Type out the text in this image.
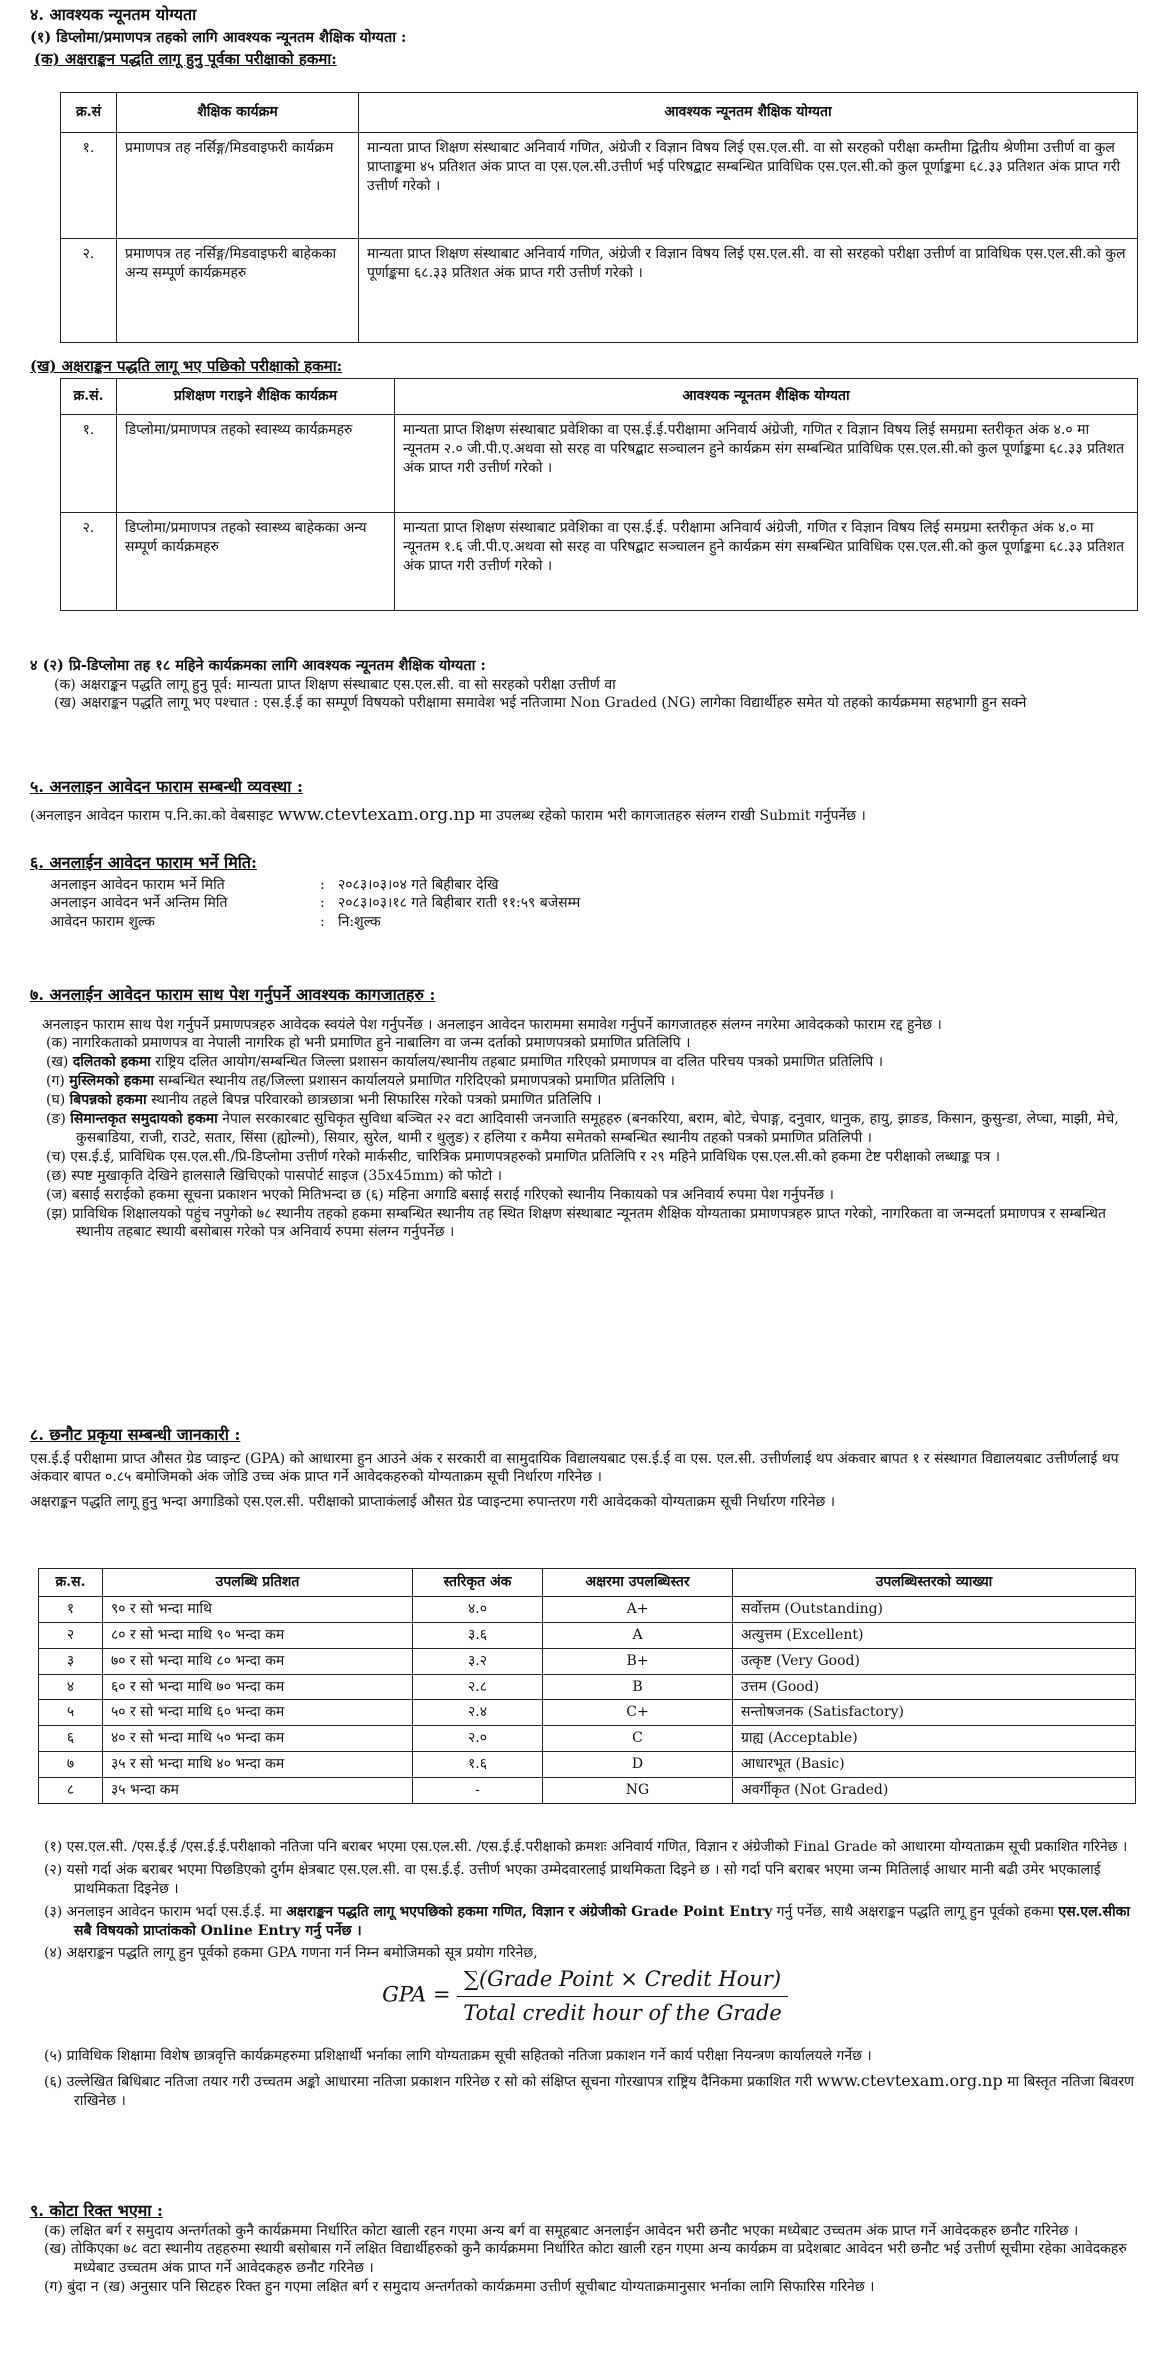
४. आवश्यक न्यूनतम योग्यता

(१) डिप्लोमा/प्रमाणपत्र तहको लागि आवश्यक न्यूनतम शैक्षिक योग्यता :

(क) अक्षराङ्कन पद्धति लागू हुनु पूर्वका परीक्षाको हकमा:

क्र.सं	शैक्षिक कार्यक्रम	आवश्यक न्यूनतम शैक्षिक योग्यता
१.	प्रमाणपत्र तह नर्सिङ्ग/मिडवाइफरी कार्यक्रम	मान्यता प्राप्त शिक्षण संस्थाबाट अनिवार्य गणित, अंग्रेजी र विज्ञान विषय लिई एस.एल.सी. वा सो सरहको परीक्षा कम्तीमा द्वितीय श्रेणीमा उत्तीर्ण वा कुल प्राप्ताङ्कमा ४५ प्रतिशत अंक प्राप्त वा एस.एल.सी.उत्तीर्ण भई परिषद्बाट सम्बन्धित प्राविधिक एस.एल.सी.को कुल पूर्णाङ्कमा ६८.३३ प्रतिशत अंक प्राप्त गरी उत्तीर्ण गरेको ।
२.	प्रमाणपत्र तह नर्सिङ्ग/मिडवाइफरी बाहेकका अन्य सम्पूर्ण कार्यक्रमहरु	मान्यता प्राप्त शिक्षण संस्थाबाट अनिवार्य गणित, अंग्रेजी र विज्ञान विषय लिई एस.एल.सी. वा सो सरहको परीक्षा उत्तीर्ण वा प्राविधिक एस.एल.सी.को कुल पूर्णाङ्कमा ६८.३३ प्रतिशत अंक प्राप्त गरी उत्तीर्ण गरेको ।

(ख) अक्षराङ्कन पद्धति लागू भए पछिको परीक्षाको हकमा:

क्र.सं.	प्रशिक्षण गराइने शैक्षिक कार्यक्रम	आवश्यक न्यूनतम शैक्षिक योग्यता
१.	डिप्लोमा/प्रमाणपत्र तहको स्वास्थ्य कार्यक्रमहरु	मान्यता प्राप्त शिक्षण संस्थाबाट प्रवेशिका वा एस.ई.ई.परीक्षामा अनिवार्य अंग्रेजी, गणित र विज्ञान विषय लिई समग्रमा स्तरीकृत अंक ४.० मा न्यूनतम २.० जी.पी.ए.अथवा सो सरह वा परिषद्बाट सञ्चालन हुने कार्यक्रम संग सम्बन्धित प्राविधिक एस.एल.सी.को कुल पूर्णाङ्कमा ६८.३३ प्रतिशत अंक प्राप्त गरी उत्तीर्ण गरेको ।
२.	डिप्लोमा/प्रमाणपत्र तहको स्वास्थ्य बाहेकका अन्य सम्पूर्ण कार्यक्रमहरु	मान्यता प्राप्त शिक्षण संस्थाबाट प्रवेशिका वा एस.ई.ई. परीक्षामा अनिवार्य अंग्रेजी, गणित र विज्ञान विषय लिई समग्रमा स्तरीकृत अंक ४.० मा न्यूनतम १.६ जी.पी.ए.अथवा सो सरह वा परिषद्बाट सञ्चालन हुने कार्यक्रम संग सम्बन्धित प्राविधिक एस.एल.सी.को कुल पूर्णाङ्कमा ६८.३३ प्रतिशत अंक प्राप्त गरी उत्तीर्ण गरेको ।

४ (२) प्रि-डिप्लोमा तह १८ महिने कार्यक्रमका लागि आवश्यक न्यूनतम शैक्षिक योग्यता :

(क) अक्षराङ्कन पद्धति लागू हुनु पूर्व: मान्यता प्राप्त शिक्षण संस्थाबाट एस.एल.सी. वा सो सरहको परीक्षा उत्तीर्ण वा

(ख) अक्षराङ्कन पद्धति लागू भए पश्चात : एस.ई.ई का सम्पूर्ण विषयको परीक्षामा समावेश भई नतिजामा Non Graded (NG) लागेका विद्यार्थीहरु समेत यो तहको कार्यक्रममा सहभागी हुन सक्ने

५. अनलाइन आवेदन फाराम सम्बन्धी व्यवस्था :

(अनलाइन आवेदन फाराम प.नि.का.को वेबसाइट www.ctevtexam.org.np मा उपलब्ध रहेको फाराम भरी कागजातहरु संलग्न राखी Submit गर्नुपर्नेछ ।

६. अनलाईन आवेदन फाराम भर्ने मिति:

अनलाइन आवेदन फाराम भर्ने मिति	: २०८३।०३।०४ गते बिहीबार देखि
अनलाइन आवेदन भर्ने अन्तिम मिति	: २०८३।०३।१८ गते बिहीबार राती ११:५९ बजेसम्म
आवेदन फाराम शुल्क	: नि:शुल्क

७. अनलाईन आवेदन फाराम साथ पेश गर्नुपर्ने आवश्यक कागजातहरु :

अनलाइन फाराम साथ पेश गर्नुपर्ने प्रमाणपत्रहरु आवेदक स्वयंले पेश गर्नुपर्नेछ । अनलाइन आवेदन फाराममा समावेश गर्नुपर्ने कागजातहरु संलग्न नगरेमा आवेदकको फाराम रद्द हुनेछ ।

(क) नागरिकताको प्रमाणपत्र वा नेपाली नागरिक हो भनी प्रमाणित हुने नाबालिग वा जन्म दर्ताको प्रमाणपत्रको प्रमाणित प्रतिलिपि ।

(ख) दलितको हकमा राष्ट्रिय दलित आयोग/सम्बन्धित जिल्ला प्रशासन कार्यालय/स्थानीय तहबाट प्रमाणित गरिएको प्रमाणपत्र वा दलित परिचय पत्रको प्रमाणित प्रतिलिपि ।

(ग) मुस्लिमको हकमा सम्बन्धित स्थानीय तह/जिल्ला प्रशासन कार्यालयले प्रमाणित गरिदिएको प्रमाणपत्रको प्रमाणित प्रतिलिपि ।

(घ) बिपन्नको हकमा स्थानीय तहले बिपन्न परिवारको छात्रछात्रा भनी सिफारिस गरेको पत्रको प्रमाणित प्रतिलिपि ।

(ङ) सिमान्तकृत समुदायको हकमा नेपाल सरकारबाट सुचिकृत सुविधा बञ्चित २२ वटा आदिवासी जनजाति समूहहरु (बनकरिया, बराम, बोटे, चेपाङ्ग, दनुवार, धानुक, हायु, झाङड, किसान, कुसुन्डा, लेप्चा, माझी, मेचे, कुसबाडिया, राजी, राउटे, सतार, सिंसा (ह्योल्मो), सियार, सुरेल, थामी र थुलुङ) र हलिया र कमैया समेतको सम्बन्धित स्थानीय तहको पत्रको प्रमाणित प्रतिलिपी ।

(च) एस.ई.ई, प्राविधिक एस.एल.सी./प्रि-डिप्लोमा उत्तीर्ण गरेको मार्कसीट, चारित्रिक प्रमाणपत्रहरुको प्रमाणित प्रतिलिपि र २९ महिने प्राविधिक एस.एल.सी.को हकमा टेष्ट परीक्षाको लब्धाङ्क पत्र ।

(छ) स्पष्ट मुखाकृति देखिने हालसालै खिचिएको पासपोर्ट साइज (35x45mm) को फोटो ।

(ज) बसाई सराईको हकमा सूचना प्रकाशन भएको मितिभन्दा छ (६) महिना अगाडि बसाई सराई गरिएको स्थानीय निकायको पत्र अनिवार्य रुपमा पेश गर्नुपर्नेछ ।

(झ) प्राविधिक शिक्षालयको पहुंच नपुगेको ७८ स्थानीय तहको हकमा सम्बन्धित स्थानीय तह स्थित शिक्षण संस्थाबाट न्यूनतम शैक्षिक योग्यताका प्रमाणपत्रहरु प्राप्त गरेको, नागरिकता वा जन्मदर्ता प्रमाणपत्र र सम्बन्धित स्थानीय तहबाट स्थायी बसोबास गरेको पत्र अनिवार्य रुपमा संलग्न गर्नुपर्नेछ ।

८. छनौट प्रकृया सम्बन्धी जानकारी :

एस.ई.ई परीक्षामा प्राप्त औसत ग्रेड प्वाइन्ट (GPA) को आधारमा हुन आउने अंक र सरकारी वा सामुदायिक विद्यालयबाट एस.ई.ई वा एस. एल.सी. उत्तीर्णलाई थप अंकवार बापत १ र संस्थागत विद्यालयबाट उत्तीर्णलाई थप अंकवार बापत ०.८५ बमोजिमको अंक जोडि उच्च अंक प्राप्त गर्ने आवेदकहरुको योग्यताक्रम सूची निर्धारण गरिनेछ ।

अक्षराङ्कन पद्धति लागू हुनु भन्दा अगाडिको एस.एल.सी. परीक्षाको प्राप्ताकंलाई औसत ग्रेड प्वाइन्टमा रुपान्तरण गरी आवेदकको योग्यताक्रम सूची निर्धारण गरिनेछ ।

क्र.स.	उपलब्धि प्रतिशत	स्तरिकृत अंक	अक्षरमा उपलब्धिस्तर	उपलब्धिस्तरको व्याख्या
१	९० र सो भन्दा माथि	४.०	A+	सर्वोत्तम (Outstanding)
२	८० र सो भन्दा माथि ९० भन्दा कम	३.६	A	अत्युत्तम (Excellent)
३	७० र सो भन्दा माथि ८० भन्दा कम	३.२	B+	उत्कृष्ट (Very Good)
४	६० र सो भन्दा माथि ७० भन्दा कम	२.८	B	उत्तम (Good)
५	५० र सो भन्दा माथि ६० भन्दा कम	२.४	C+	सन्तोषजनक (Satisfactory)
६	४० र सो भन्दा माथि ५० भन्दा कम	२.०	C	ग्राह्य (Acceptable)
७	३५ र सो भन्दा माथि ४० भन्दा कम	१.६	D	आधारभूत (Basic)
८	३५ भन्दा कम	-	NG	अवर्गीकृत (Not Graded)

(१) एस.एल.सी. /एस.ई.ई /एस.ई.ई.परीक्षाको नतिजा पनि बराबर भएमा एस.एल.सी. /एस.ई.ई.परीक्षाको क्रमशः अनिवार्य गणित, विज्ञान र अंग्रेजीको Final Grade को आधारमा योग्यताक्रम सूची प्रकाशित गरिनेछ ।

(२) यसो गर्दा अंक बराबर भएमा पिछडिएको दुर्गम क्षेत्रबाट एस.एल.सी. वा एस.ई.ई. उत्तीर्ण भएका उम्मेदवारलाई प्राथमिकता दिइने छ । सो गर्दा पनि बराबर भएमा जन्म मितिलाई आधार मानी बढी उमेर भएकालाई प्राथमिकता दिइनेछ ।

(३) अनलाइन आवेदन फाराम भर्दा एस.ई.ई. मा अक्षराङ्कन पद्धति लागू भएपछिको हकमा गणित, विज्ञान र अंग्रेजीको Grade Point Entry गर्नु पर्नेछ, साथै अक्षराङ्कन पद्धति लागू हुन पूर्वको हकमा एस.एल.सीका सबै विषयको प्राप्तांकको Online Entry गर्नु पर्नेछ ।

(४) अक्षराङ्कन पद्धति लागू हुन पूर्वको हकमा GPA गणना गर्न निम्न बमोजिमको सूत्र प्रयोग गरिनेछ,

GPA = $\frac{\text{∑(Grade Point × Credit Hour)}}{\text{Total credit hour of the Grade}}$

(५) प्राविधिक शिक्षामा विशेष छात्रवृत्ति कार्यक्रमहरुमा प्रशिक्षार्थी भर्नाका लागि योग्यताक्रम सूची सहितको नतिजा प्रकाशन गर्ने कार्य परीक्षा नियन्त्रण कार्यालयले गर्नेछ ।

(६) उल्लेखित बिधिबाट नतिजा तयार गरी उच्चतम अङ्को आधारमा नतिजा प्रकाशन गरिनेछ र सो को संक्षिप्त सूचना गोरखापत्र राष्ट्रिय दैनिकमा प्रकाशित गरी www.ctevtexam.org.np मा बिस्तृत नतिजा बिवरण राखिनेछ ।

९. कोटा रिक्त भएमा :

(क) लक्षित बर्ग र समुदाय अन्तर्गतको कुनै कार्यक्रममा निर्धारित कोटा खाली रहन गएमा अन्य बर्ग वा समूहबाट अनलाईन आवेदन भरी छनौट भएका मध्येबाट उच्चतम अंक प्राप्त गर्ने आवेदकहरु छनौट गरिनेछ ।

(ख) तोकिएका ७८ वटा स्थानीय तहहरुमा स्थायी बसोबास गर्ने लक्षित विद्यार्थीहरुको कुनै कार्यक्रममा निर्धारित कोटा खाली रहन गएमा अन्य कार्यक्रम वा प्रदेशबाट आवेदन भरी छनौट भई उत्तीर्ण सूचीमा रहेका आवेदकहरु मध्येबाट उच्चतम अंक प्राप्त गर्ने आवेदकहरु छनौट गरिनेछ ।

(ग) बुंदा न (ख) अनुसार पनि सिटहरु रिक्त हुन गएमा लक्षित बर्ग र समुदाय अन्तर्गतको कार्यक्रममा उत्तीर्ण सूचीबाट योग्यताक्रमानुसार भर्नाका लागि सिफारिस गरिनेछ ।
